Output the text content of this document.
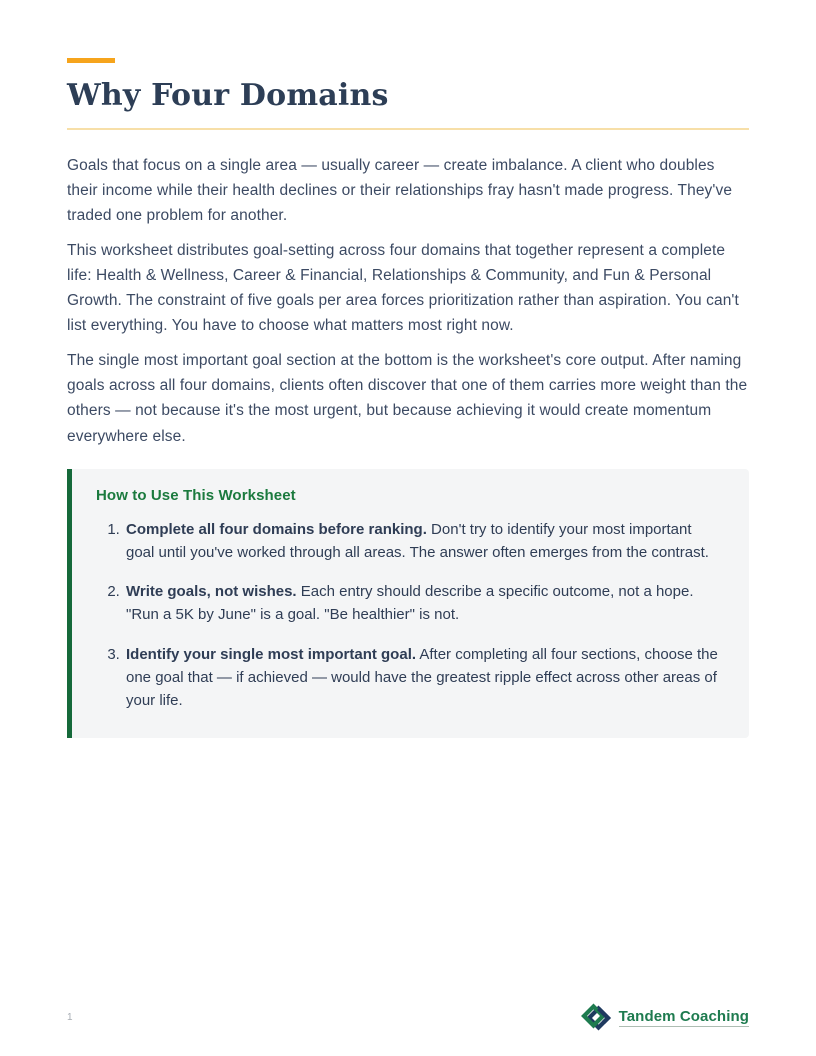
Why Four Domains

Goals that focus on a single area — usually career — create imbalance. A client who doubles their income while their health declines or their relationships fray hasn't made progress. They've traded one problem for another.

This worksheet distributes goal-setting across four domains that together represent a complete life: Health & Wellness, Career & Financial, Relationships & Community, and Fun & Personal Growth. The constraint of five goals per area forces prioritization rather than aspiration. You can't list everything. You have to choose what matters most right now.

The single most important goal section at the bottom is the worksheet's core output. After naming goals across all four domains, clients often discover that one of them carries more weight than the others — not because it's the most urgent, but because achieving it would create momentum everywhere else.

How to Use This Worksheet
1. Complete all four domains before ranking. Don't try to identify your most important goal until you've worked through all areas. The answer often emerges from the contrast.
2. Write goals, not wishes. Each entry should describe a specific outcome, not a hope. "Run a 5K by June" is a goal. "Be healthier" is not.
3. Identify your single most important goal. After completing all four sections, choose the one goal that — if achieved — would have the greatest ripple effect across other areas of your life.
1	Tandem Coaching
